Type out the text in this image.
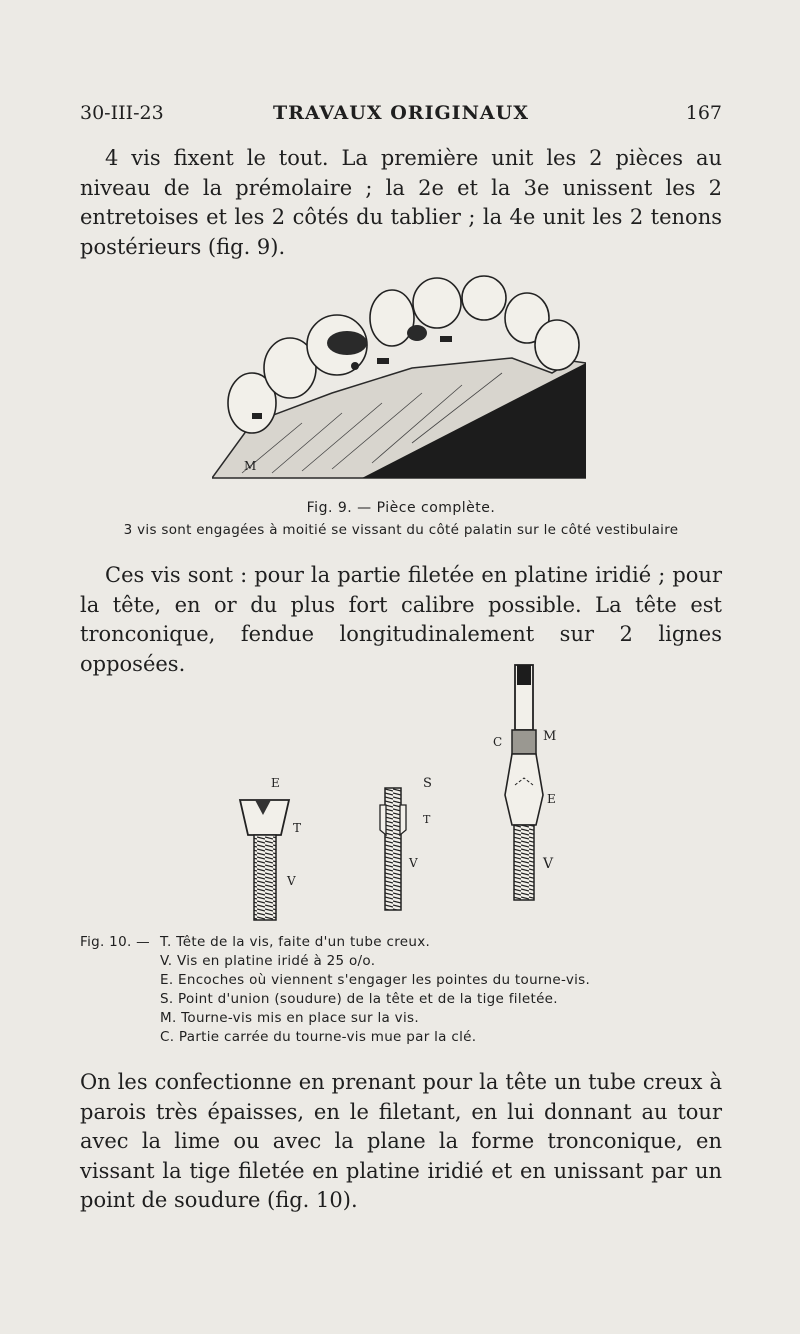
30-III-23	TRAVAUX ORIGINAUX	167

4 vis fixent le tout. La première unit les 2 pièces au niveau de la prémolaire ; la 2e et la 3e unissent les 2 entretoises et les 2 côtés du tablier ; la 4e unit les 2 tenons postérieurs (fig. 9).

M
Fig. 9. — Pièce complète.
3 vis sont engagées à moitié se vissant du côté palatin sur le côté vestibulaire

Ces vis sont : pour la partie filetée en platine iridié ; pour la tête, en or du plus fort calibre possible. La tête est tronconique, fendue longitudinalement sur 2 lignes opposées.

E
T
V
S
T
V
C	M
E
V
Fig. 10. — T. Tête de la vis, faite d'un tube creux.
V. Vis en platine iridé à 25 o/o.
E. Encoches où viennent s'engager les pointes du tourne-vis.
S. Point d'union (soudure) de la tête et de la tige filetée.
M. Tourne-vis mis en place sur la vis.
C. Partie carrée du tourne-vis mue par la clé.

On les confectionne en prenant pour la tête un tube creux à parois très épaisses, en le filetant, en lui donnant au tour avec la lime ou avec la plane la forme tronconique, en vissant la tige filetée en platine iridié et en unissant par un point de soudure (fig. 10).
